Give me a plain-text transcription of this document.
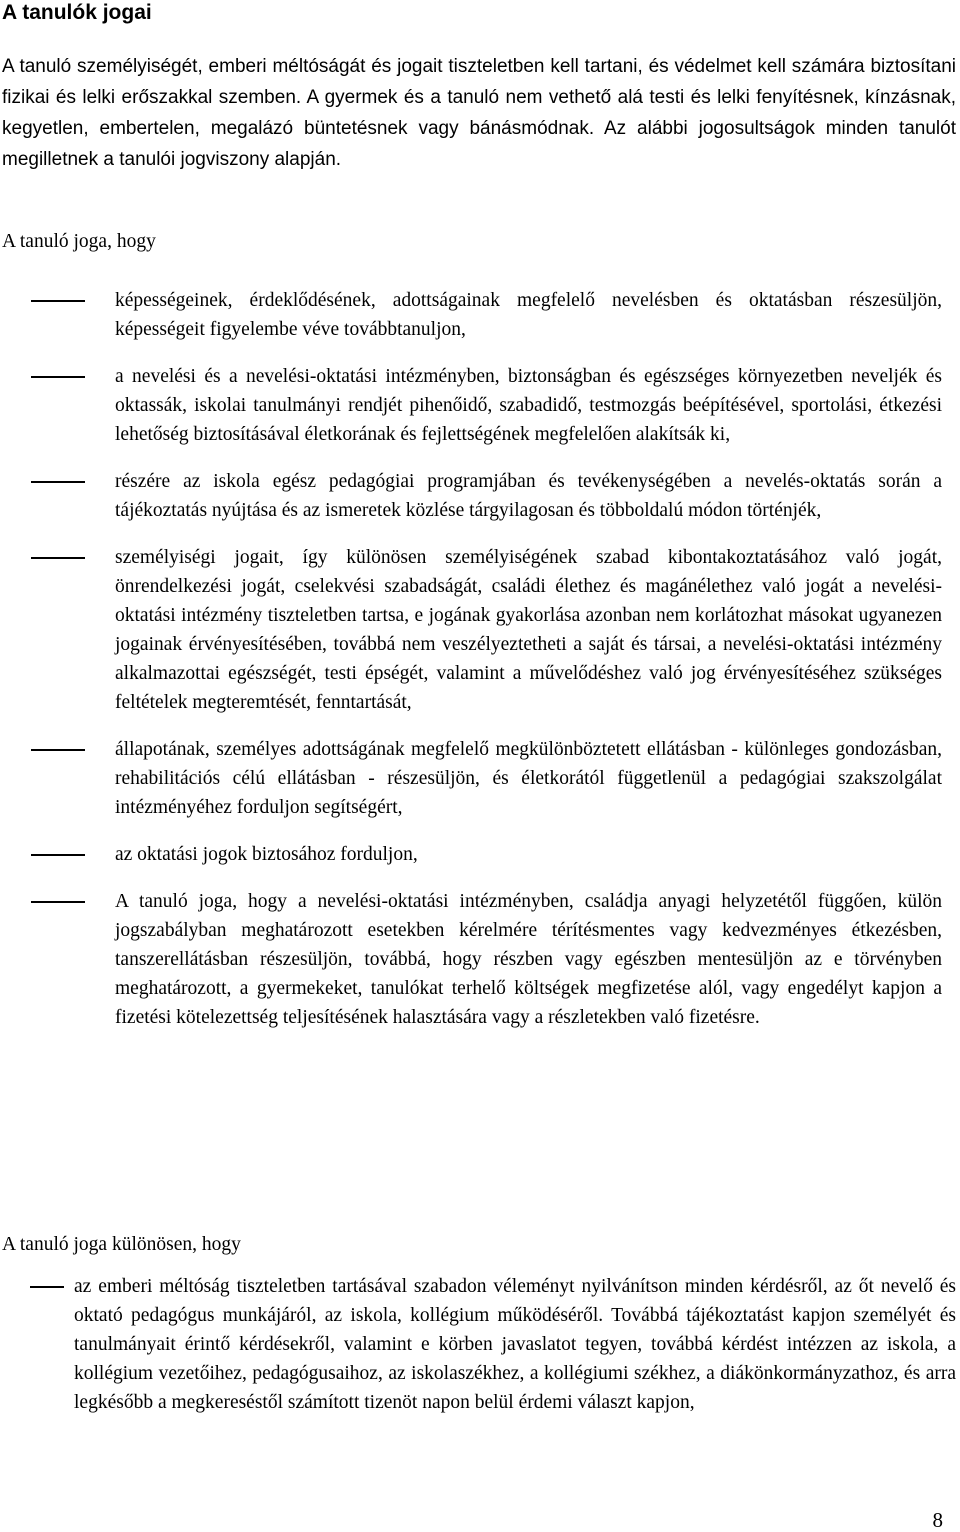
A tanulók jogai

A tanuló személyiségét, emberi méltóságát és jogait tiszteletben kell tartani, és védelmet kell számára biztosítani fizikai és lelki erőszakkal szemben. A gyermek és a tanuló nem vethető alá testi és lelki fenyítésnek, kínzásnak, kegyetlen, embertelen, megalázó büntetésnek vagy bánásmódnak. Az alábbi jogosultságok minden tanulót megilletnek a tanulói jogviszony alapján.

A tanuló joga, hogy

képességeinek, érdeklődésének, adottságainak megfelelő nevelésben és oktatásban részesüljön, képességeit figyelembe véve továbbtanuljon,
a nevelési és a nevelési-oktatási intézményben, biztonságban és egészséges környezetben neveljék és oktassák, iskolai tanulmányi rendjét pihenőidő, szabadidő, testmozgás beépítésével, sportolási, étkezési lehetőség biztosításával életkorának és fejlettségének megfelelően alakítsák ki,
részére az iskola egész pedagógiai programjában és tevékenységében a nevelés-oktatás során a tájékoztatás nyújtása és az ismeretek közlése tárgyilagosan és többoldalú módon történjék,
személyiségi jogait, így különösen személyiségének szabad kibontakoztatásához való jogát, önrendelkezési jogát, cselekvési szabadságát, családi élethez és magánélethez való jogát a nevelési-oktatási intézmény tiszteletben tartsa, e jogának gyakorlása azonban nem korlátozhat másokat ugyanezen jogainak érvényesítésében, továbbá nem veszélyeztetheti a saját és társai, a nevelési-oktatási intézmény alkalmazottai egészségét, testi épségét, valamint a művelődéshez való jog érvényesítéséhez szükséges feltételek megteremtését, fenntartását,
állapotának, személyes adottságának megfelelő megkülönböztetett ellátásban - különleges gondozásban, rehabilitációs célú ellátásban - részesüljön, és életkorától függetlenül a pedagógiai szakszolgálat intézményéhez forduljon segítségért,
az oktatási jogok biztosához forduljon,
A tanuló joga, hogy a nevelési-oktatási intézményben, családja anyagi helyzetétől függően, külön jogszabályban meghatározott esetekben kérelmére térítésmentes vagy kedvezményes étkezésben, tanszerellátásban részesüljön, továbbá, hogy részben vagy egészben mentesüljön az e törvényben meghatározott, a gyermekeket, tanulókat terhelő költségek megfizetése alól, vagy engedélyt kapjon a fizetési kötelezettség teljesítésének halasztására vagy a részletekben való fizetésre.

A tanuló joga különösen, hogy

az emberi méltóság tiszteletben tartásával szabadon véleményt nyilvánítson minden kérdésről, az őt nevelő és oktató pedagógus munkájáról, az iskola, kollégium működéséről. Továbbá tájékoztatást kapjon személyét és tanulmányait érintő kérdésekről, valamint e körben javaslatot tegyen, továbbá kérdést intézzen az iskola, a kollégium vezetőihez, pedagógusaihoz, az iskolaszékhez, a kollégiumi székhez, a diákönkormányzathoz, és arra legkésőbb a megkereséstől számított tizenöt napon belül érdemi választ kapjon,

8
